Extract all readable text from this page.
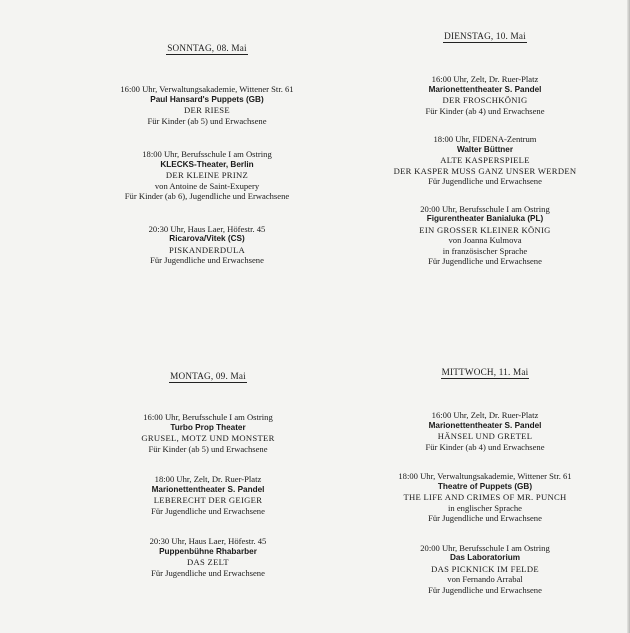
SONNTAG, 08. Mai
16:00 Uhr, Verwaltungsakademie, Wittener Str. 61
Paul Hansard's Puppets (GB)
DER RIESE
Für Kinder (ab 5) und Erwachsene
18:00 Uhr, Berufsschule I am Ostring
KLECKS-Theater, Berlin
DER KLEINE PRINZ
von Antoine de Saint-Exupery
Für Kinder (ab 6), Jugendliche und Erwachsene
20:30 Uhr, Haus Laer, Höfestr. 45
Ricarova/Vitek (CS)
PISKANDERDULA
Für Jugendliche und Erwachsene
DIENSTAG, 10. Mai
16:00 Uhr, Zelt, Dr. Ruer-Platz
Marionettentheater S. Pandel
DER FROSCHKÖNIG
Für Kinder (ab 4) und Erwachsene
18:00 Uhr, FIDENA-Zentrum
Walter Büttner
ALTE KASPERSPIELE
DER KASPER MUSS GANZ UNSER WERDEN
Für Jugendliche und Erwachsene
20:00 Uhr, Berufsschule I am Ostring
Figurentheater Banialuka (PL)
EIN GROSSER KLEINER KÖNIG
von Joanna Kulmova
in französischer Sprache
Für Jugendliche und Erwachsene
MONTAG, 09. Mai
16:00 Uhr, Berufsschule I am Ostring
Turbo Prop Theater
GRUSEL, MOTZ UND MONSTER
Für Kinder (ab 5) und Erwachsene
18:00 Uhr, Zelt, Dr. Ruer-Platz
Marionettentheater S. Pandel
LEBERECHT DER GEIGER
Für Jugendliche und Erwachsene
20:30 Uhr, Haus Laer, Höfestr. 45
Puppenbühne Rhabarber
DAS ZELT
Für Jugendliche und Erwachsene
MITTWOCH, 11. Mai
16:00 Uhr, Zelt, Dr. Ruer-Platz
Marionettentheater S. Pandel
HÄNSEL UND GRETEL
Für Kinder (ab 4) und Erwachsene
18:00 Uhr, Verwaltungsakademie, Wittener Str. 61
Theatre of Puppets (GB)
THE LIFE AND CRIMES OF MR. PUNCH
in englischer Sprache
Für Jugendliche und Erwachsene
20:00 Uhr, Berufsschule I am Ostring
Das Laboratorium
DAS PICKNICK IM FELDE
von Fernando Arrabal
Für Jugendliche und Erwachsene
